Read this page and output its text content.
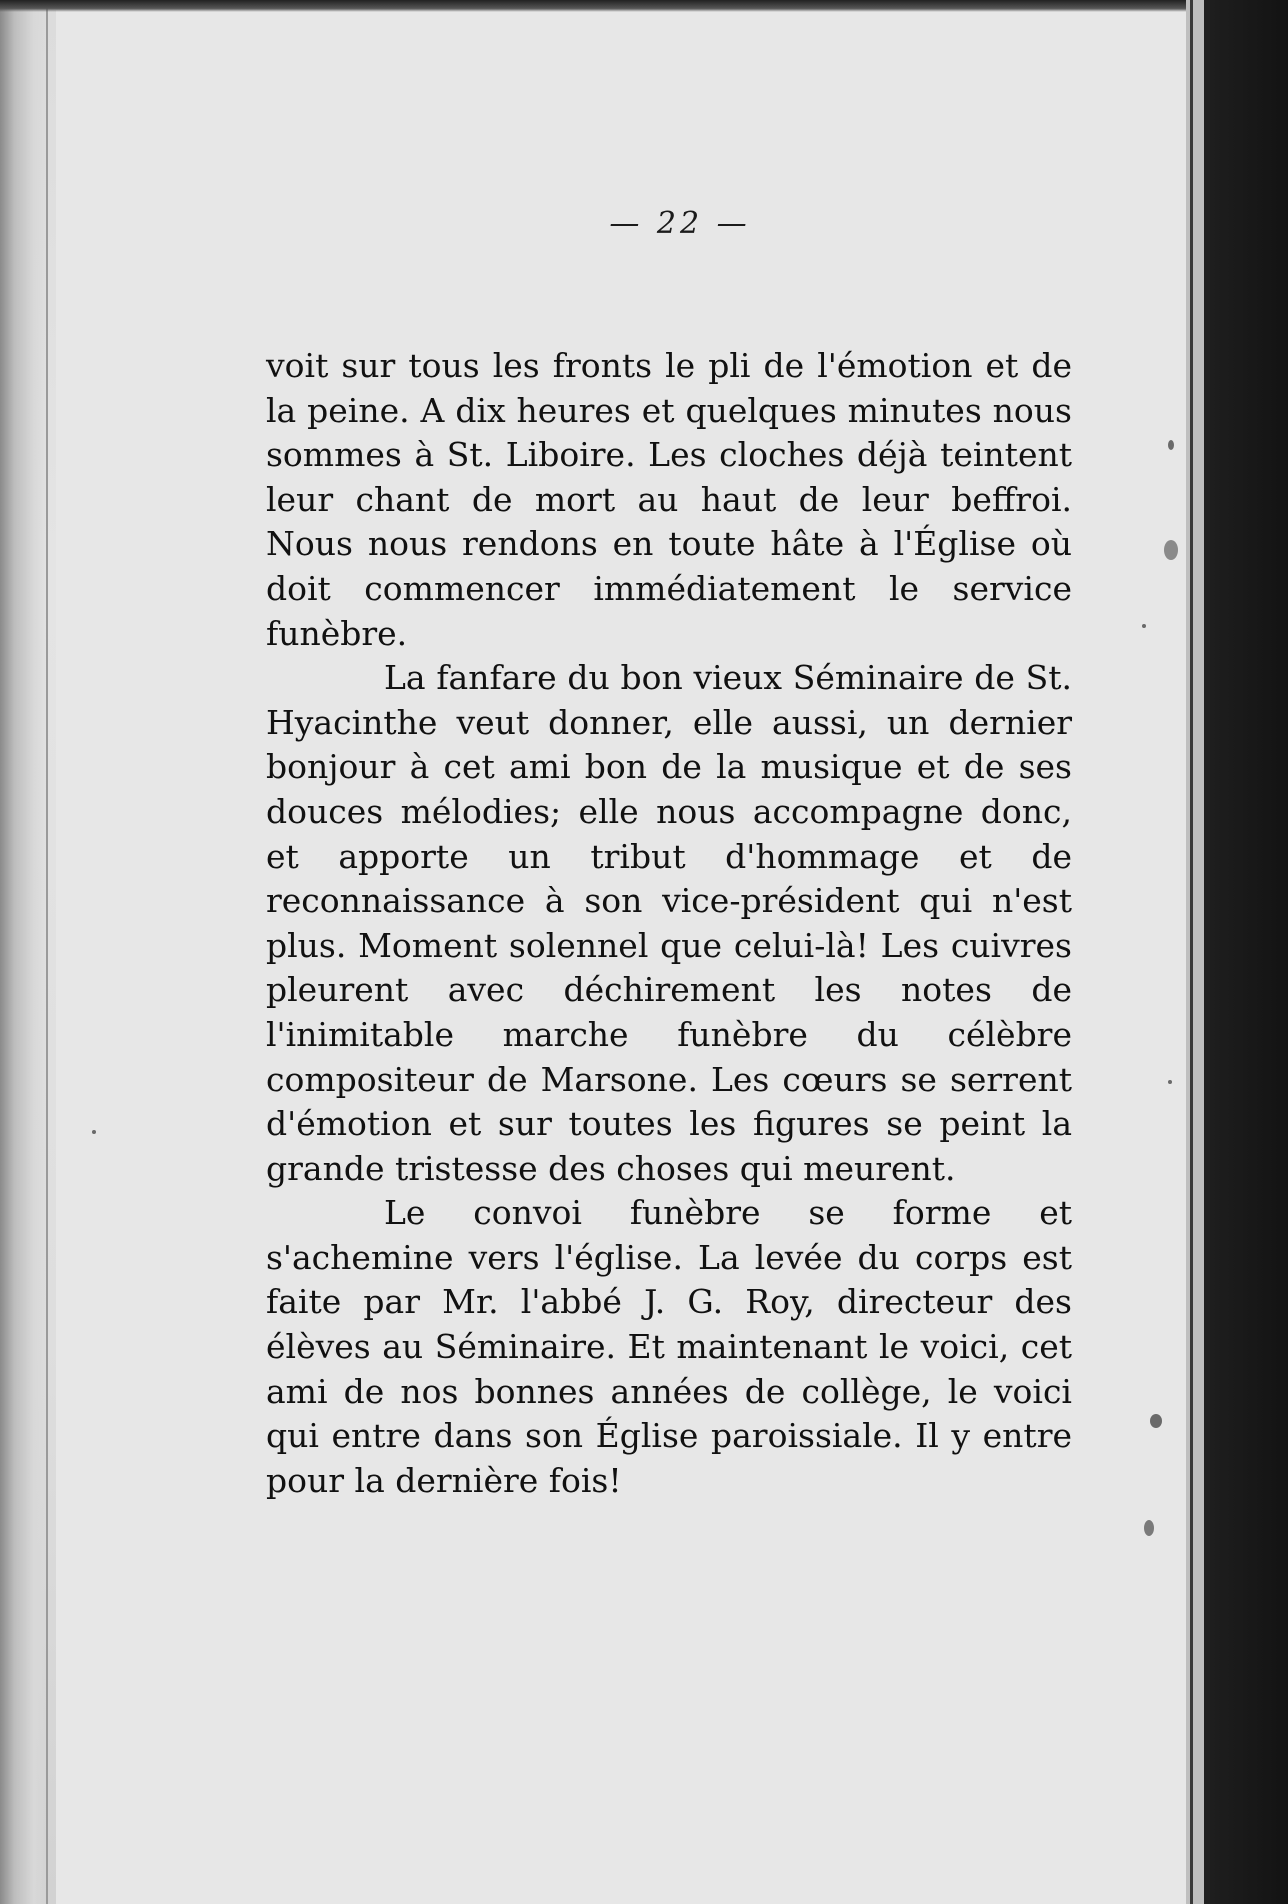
— 22 —

voit sur tous les fronts le pli de l'émotion et de la peine. A dix heures et quelques minutes nous sommes à St. Liboire. Les cloches déjà teintent leur chant de mort au haut de leur beffroi. Nous nous rendons en toute hâte à l'Église où doit commencer immédiatement le service funèbre.

La fanfare du bon vieux Séminaire de St. Hyacinthe veut donner, elle aussi, un dernier bonjour à cet ami bon de la musique et de ses douces mélodies; elle nous accompagne donc, et apporte un tribut d'hommage et de reconnaissance à son vice-président qui n'est plus. Moment solennel que celui-là! Les cuivres pleurent avec déchirement les notes de l'inimitable marche funèbre du célèbre compositeur de Marsone. Les cœurs se serrent d'émotion et sur toutes les figures se peint la grande tristesse des choses qui meurent.

Le convoi funèbre se forme et s'achemine vers l'église. La levée du corps est faite par Mr. l'abbé J. G. Roy, directeur des élèves au Séminaire. Et maintenant le voici, cet ami de nos bonnes années de collège, le voici qui entre dans son Église paroissiale. Il y entre pour la dernière fois!
